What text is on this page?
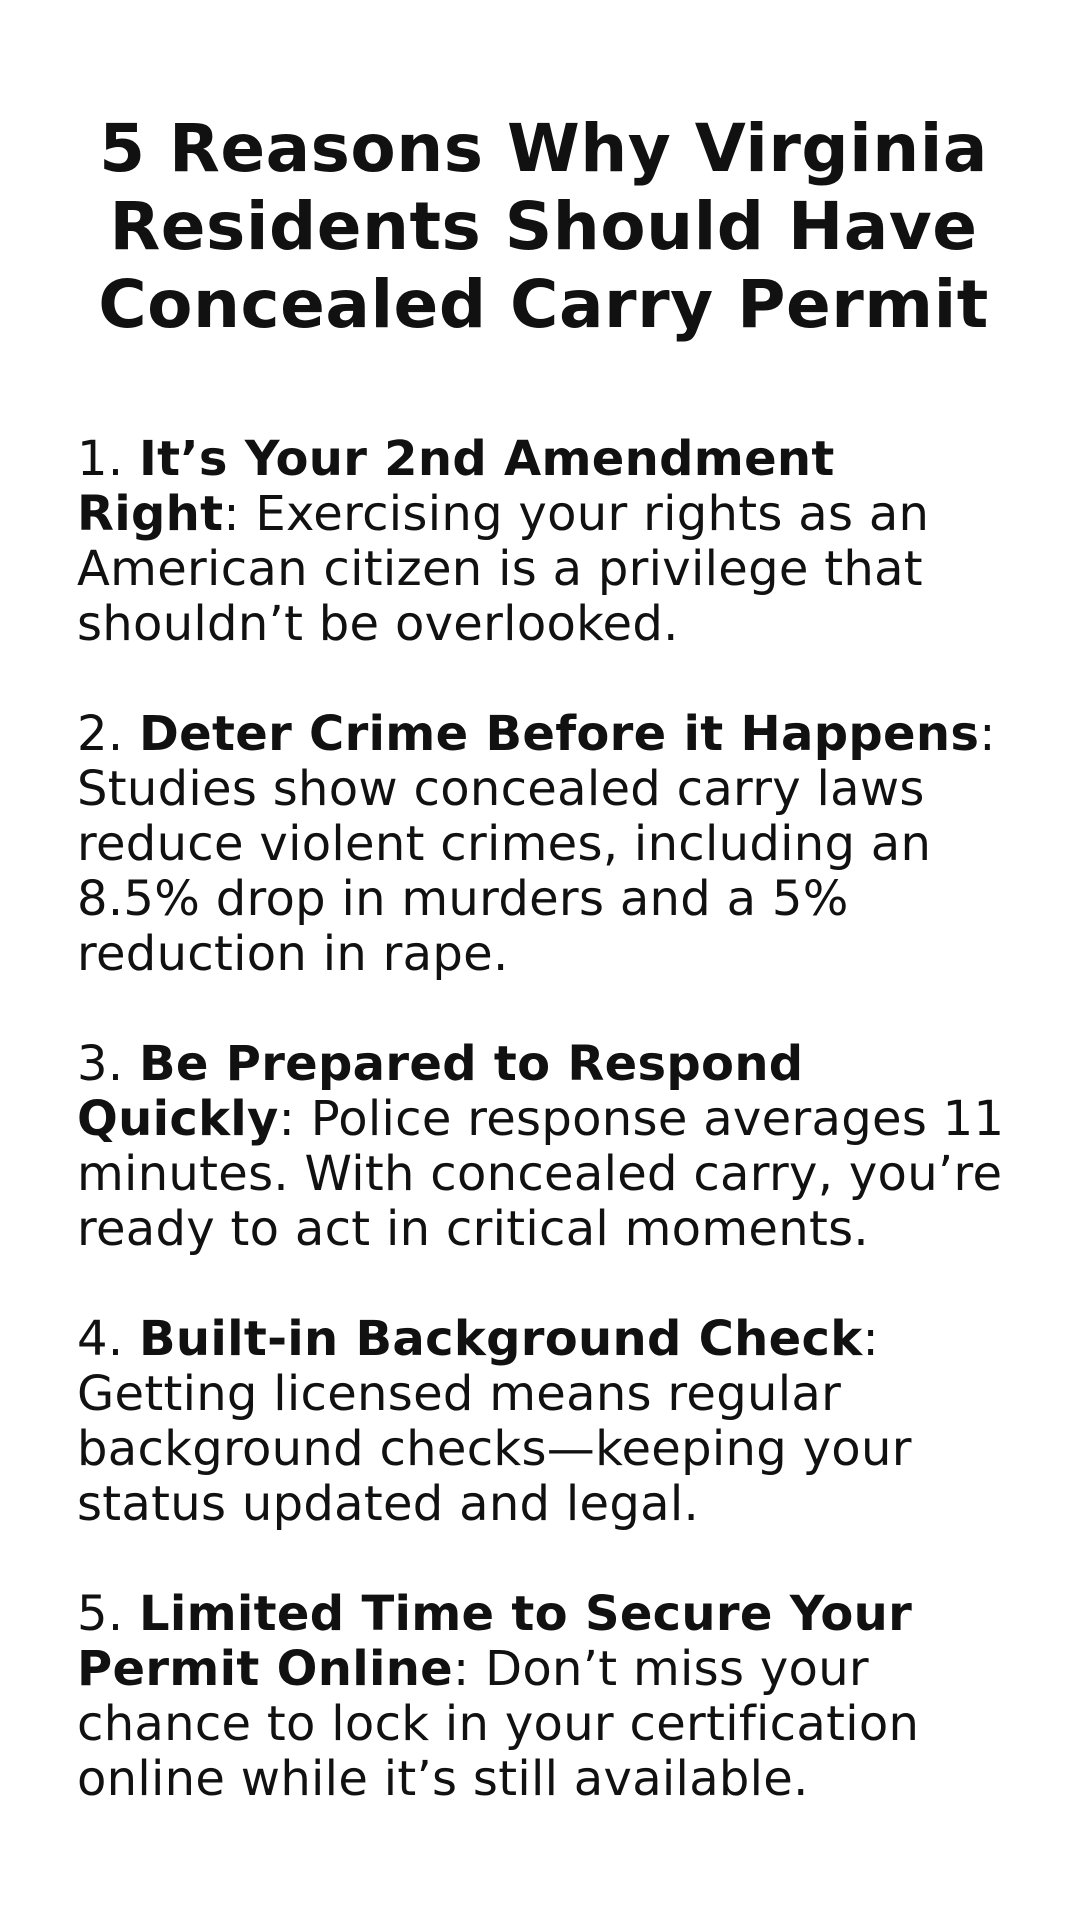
5 Reasons Why Virginia Residents Should Have Concealed Carry Permit
1. It’s Your 2nd Amendment Right: Exercising your rights as an American citizen is a privilege that shouldn’t be overlooked.
2. Deter Crime Before it Happens: Studies show concealed carry laws reduce violent crimes, including an 8.5% drop in murders and a 5% reduction in rape.
3. Be Prepared to Respond Quickly: Police response averages 11 minutes. With concealed carry, you’re ready to act in critical moments.
4. Built-in Background Check: Getting licensed means regular background checks—keeping your status updated and legal.
5. Limited Time to Secure Your Permit Online: Don’t miss your chance to lock in your certification online while it’s still available.
